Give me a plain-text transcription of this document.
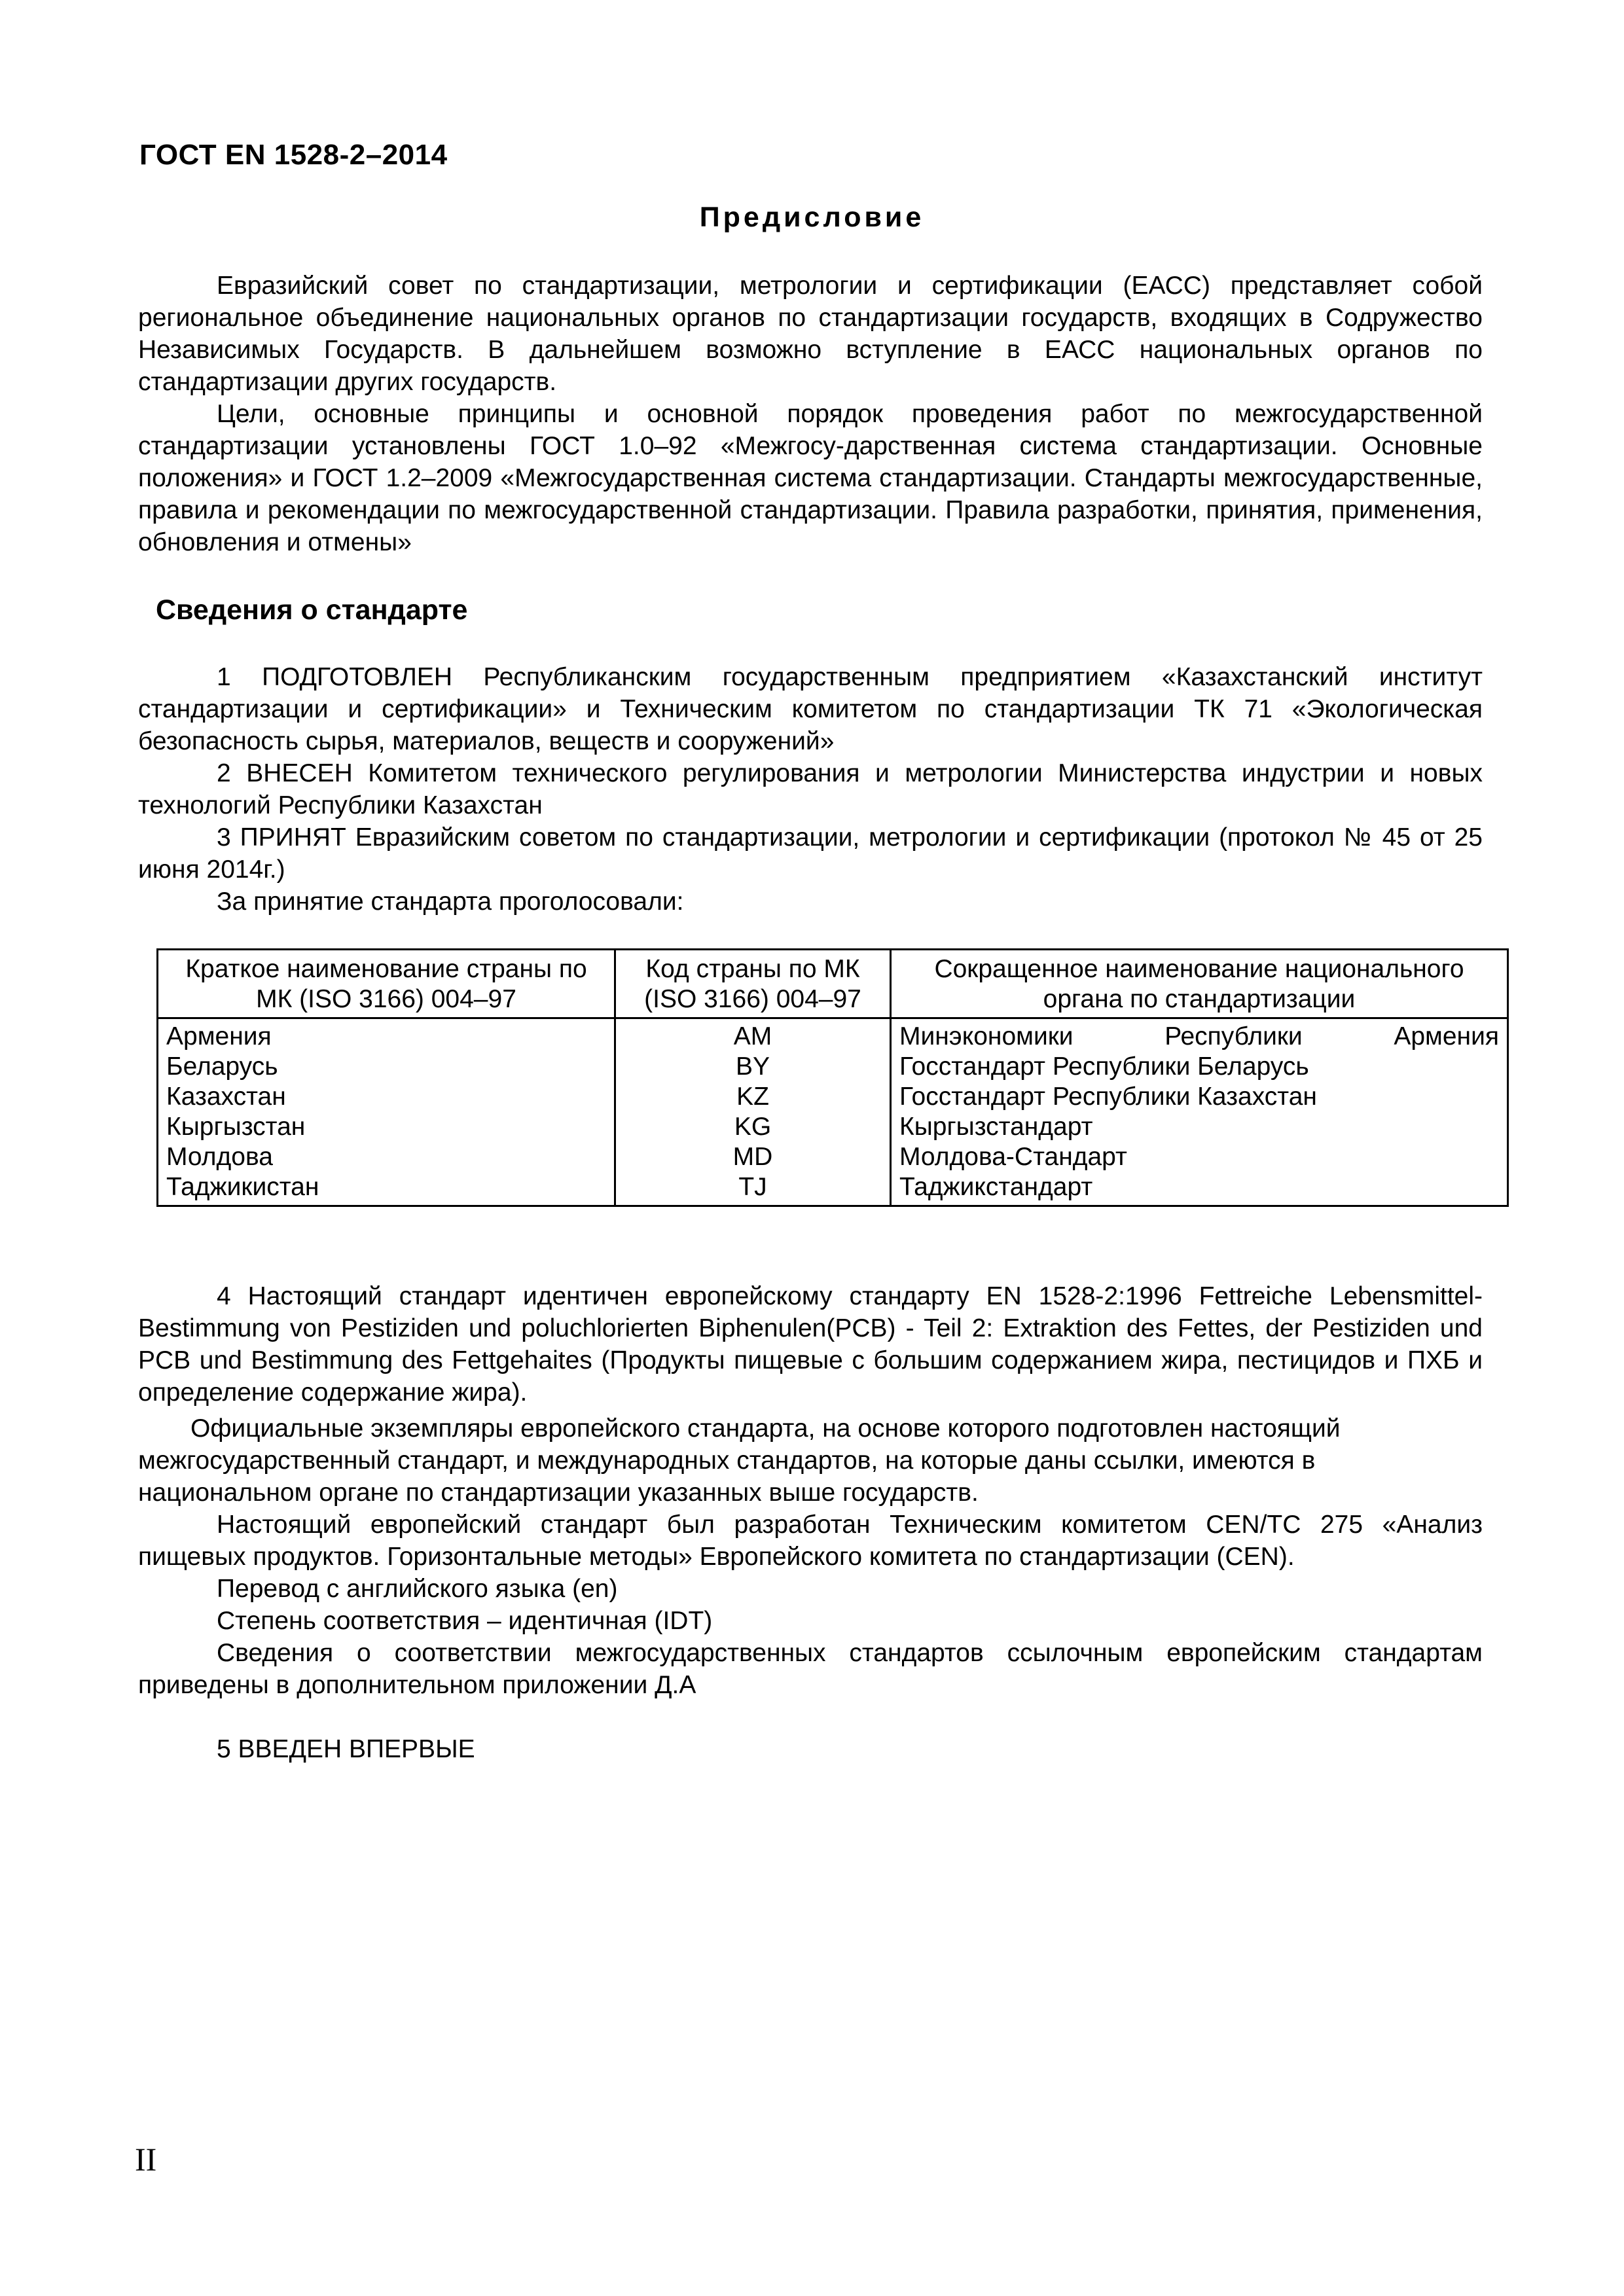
ГОСТ EN 1528-2–2014
Предисловие

Евразийский совет по стандартизации, метрологии и сертификации (ЕАСС) представляет собой региональное объединение национальных органов по стандартизации государств, входящих в Содружество Независимых Государств. В дальнейшем возможно вступление в ЕАСС национальных органов по стандартизации других государств.

Цели, основные принципы и основной порядок проведения работ по межгосударственной стандартизации установлены ГОСТ 1.0–92 «Межгосу-дарственная система стандартизации. Основные положения» и ГОСТ 1.2–2009 «Межгосударственная система стандартизации. Стандарты межгосударственные, правила и рекомендации по межгосударственной стандартизации. Правила разработки, принятия, применения, обновления и отмены»

Сведения о стандарте

1 ПОДГОТОВЛЕН Республиканским государственным предприятием «Казахстанский институт стандартизации и сертификации» и Техническим комитетом по стандартизации ТК 71 «Экологическая безопасность сырья, материалов, веществ и сооружений»

2 ВНЕСЕН Комитетом технического регулирования и метрологии Министерства индустрии и новых технологий Республики Казахстан

3 ПРИНЯТ Евразийским советом по стандартизации, метрологии и сертификации (протокол № 45 от 25 июня 2014г.)

За принятие стандарта проголосовали:

Краткое наименование страны по МК (ISO 3166) 004–97	Код страны по МК (ISO 3166) 004–97	Сокращенное наименование национального органа по стандартизации
Армения	AM	Минэкономики Республики Армения

Беларусь	BY	Госстандарт Республики Беларусь
Казахстан	KZ	Госстандарт Республики Казахстан
Кыргызстан	KG	Кыргызстандарт
Молдова	MD	Молдова-Стандарт
Таджикистан	TJ	Таджикстандарт

4 Настоящий стандарт идентичен европейскому стандарту EN 1528-2:1996 Fettreiche Lebensmittel-Bestimmung von Pestiziden und poluchlorierten Biphenulen(PCB) - Teil 2: Extraktion des Fettes, der Pestiziden und PCB und Bestimmung des Fettgehaites (Продукты пищевые с большим содержанием жира, пестицидов и ПХБ и определение содержание жира).

Официальные экземпляры европейского стандарта, на основе которого подготовлен настоящий межгосударственный стандарт, и международных стандартов, на которые даны ссылки, имеются в национальном органе по стандартизации указанных выше государств.

Настоящий европейский стандарт был разработан Техническим комитетом CEN/TC 275 «Анализ пищевых продуктов. Горизонтальные методы» Европейского комитета по стандартизации (CEN).

Перевод с английского языка (en)

Степень соответствия – идентичная (IDT)

Сведения о соответствии межгосударственных стандартов ссылочным европейским стандартам приведены в дополнительном приложении Д.А

5 ВВЕДЕН ВПЕРВЫЕ

II
